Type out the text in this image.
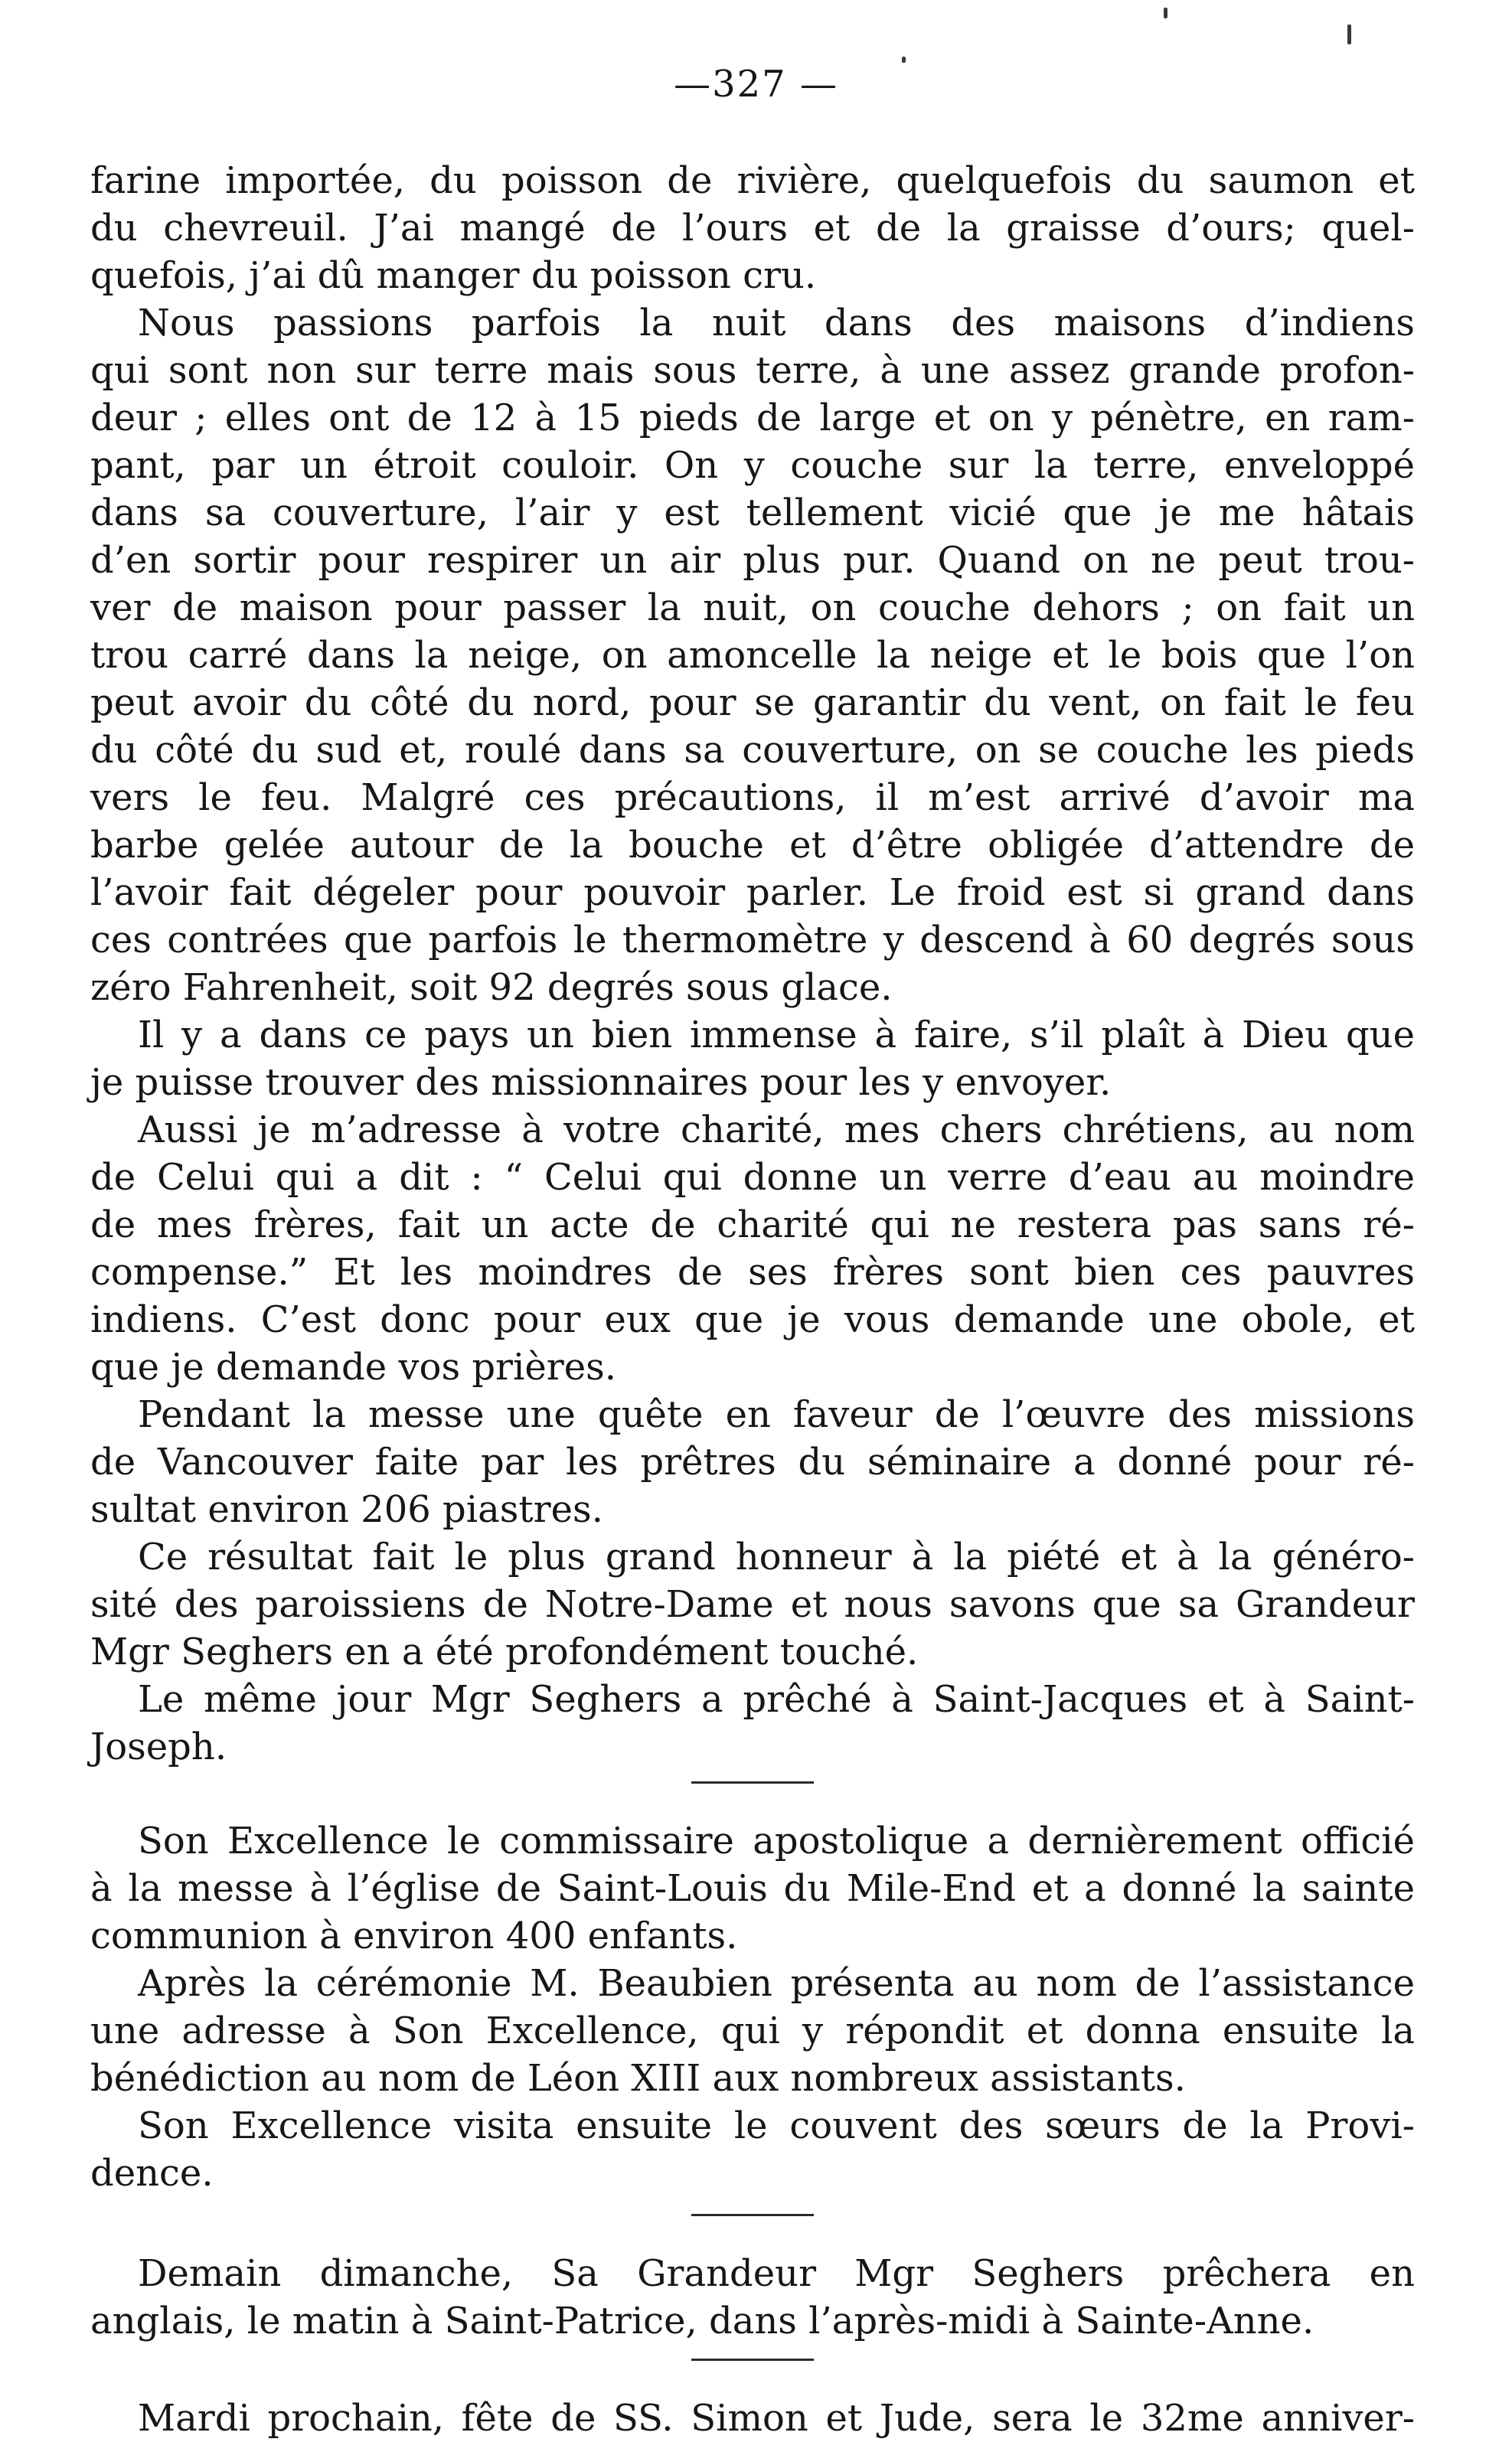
—327 —
farine importée, du poisson de rivière, quelquefois du saumon et
du chevreuil. J’ai mangé de l’ours et de la graisse d’ours; quel-
quefois, j’ai dû manger du poisson cru.
Nous passions parfois la nuit dans des maisons d’indiens
qui sont non sur terre mais sous terre, à une assez grande profon-
deur ; elles ont de 12 à 15 pieds de large et on y pénètre, en ram-
pant, par un étroit couloir. On y couche sur la terre, enveloppé
dans sa couverture, l’air y est tellement vicié que je me hâtais
d’en sortir pour respirer un air plus pur. Quand on ne peut trou-
ver de maison pour passer la nuit, on couche dehors ; on fait un
trou carré dans la neige, on amoncelle la neige et le bois que l’on
peut avoir du côté du nord, pour se garantir du vent, on fait le feu
du côté du sud et, roulé dans sa couverture, on se couche les pieds
vers le feu. Malgré ces précautions, il m’est arrivé d’avoir ma
barbe gelée autour de la bouche et d’être obligée d’attendre de
l’avoir fait dégeler pour pouvoir parler. Le froid est si grand dans
ces contrées que parfois le thermomètre y descend à 60 degrés sous
zéro Fahrenheit, soit 92 degrés sous glace.
Il y a dans ce pays un bien immense à faire, s’il plaît à Dieu que
je puisse trouver des missionnaires pour les y envoyer.
Aussi je m’adresse à votre charité, mes chers chrétiens, au nom
de Celui qui a dit : “ Celui qui donne un verre d’eau au moindre
de mes frères, fait un acte de charité qui ne restera pas sans ré-
compense.” Et les moindres de ses frères sont bien ces pauvres
indiens. C’est donc pour eux que je vous demande une obole, et
que je demande vos prières.
Pendant la messe une quête en faveur de l’œuvre des missions
de Vancouver faite par les prêtres du séminaire a donné pour ré-
sultat environ 206 piastres.
Ce résultat fait le plus grand honneur à la piété et à la généro-
sité des paroissiens de Notre-Dame et nous savons que sa Grandeur
Mgr Seghers en a été profondément touché.
Le même jour Mgr Seghers a prêché à Saint-Jacques et à Saint-
Joseph.
Son Excellence le commissaire apostolique a dernièrement officié
à la messe à l’église de Saint-Louis du Mile-End et a donné la sainte
communion à environ 400 enfants.
Après la cérémonie M. Beaubien présenta au nom de l’assistance
une adresse à Son Excellence, qui y répondit et donna ensuite la
bénédiction au nom de Léon XIII aux nombreux assistants.
Son Excellence visita ensuite le couvent des sœurs de la Provi-
dence.
Demain dimanche, Sa Grandeur Mgr Seghers prêchera en
anglais, le matin à Saint-Patrice, dans l’après-midi à Sainte-Anne.
Mardi prochain, fête de SS. Simon et Jude, sera le 32me anniver-
